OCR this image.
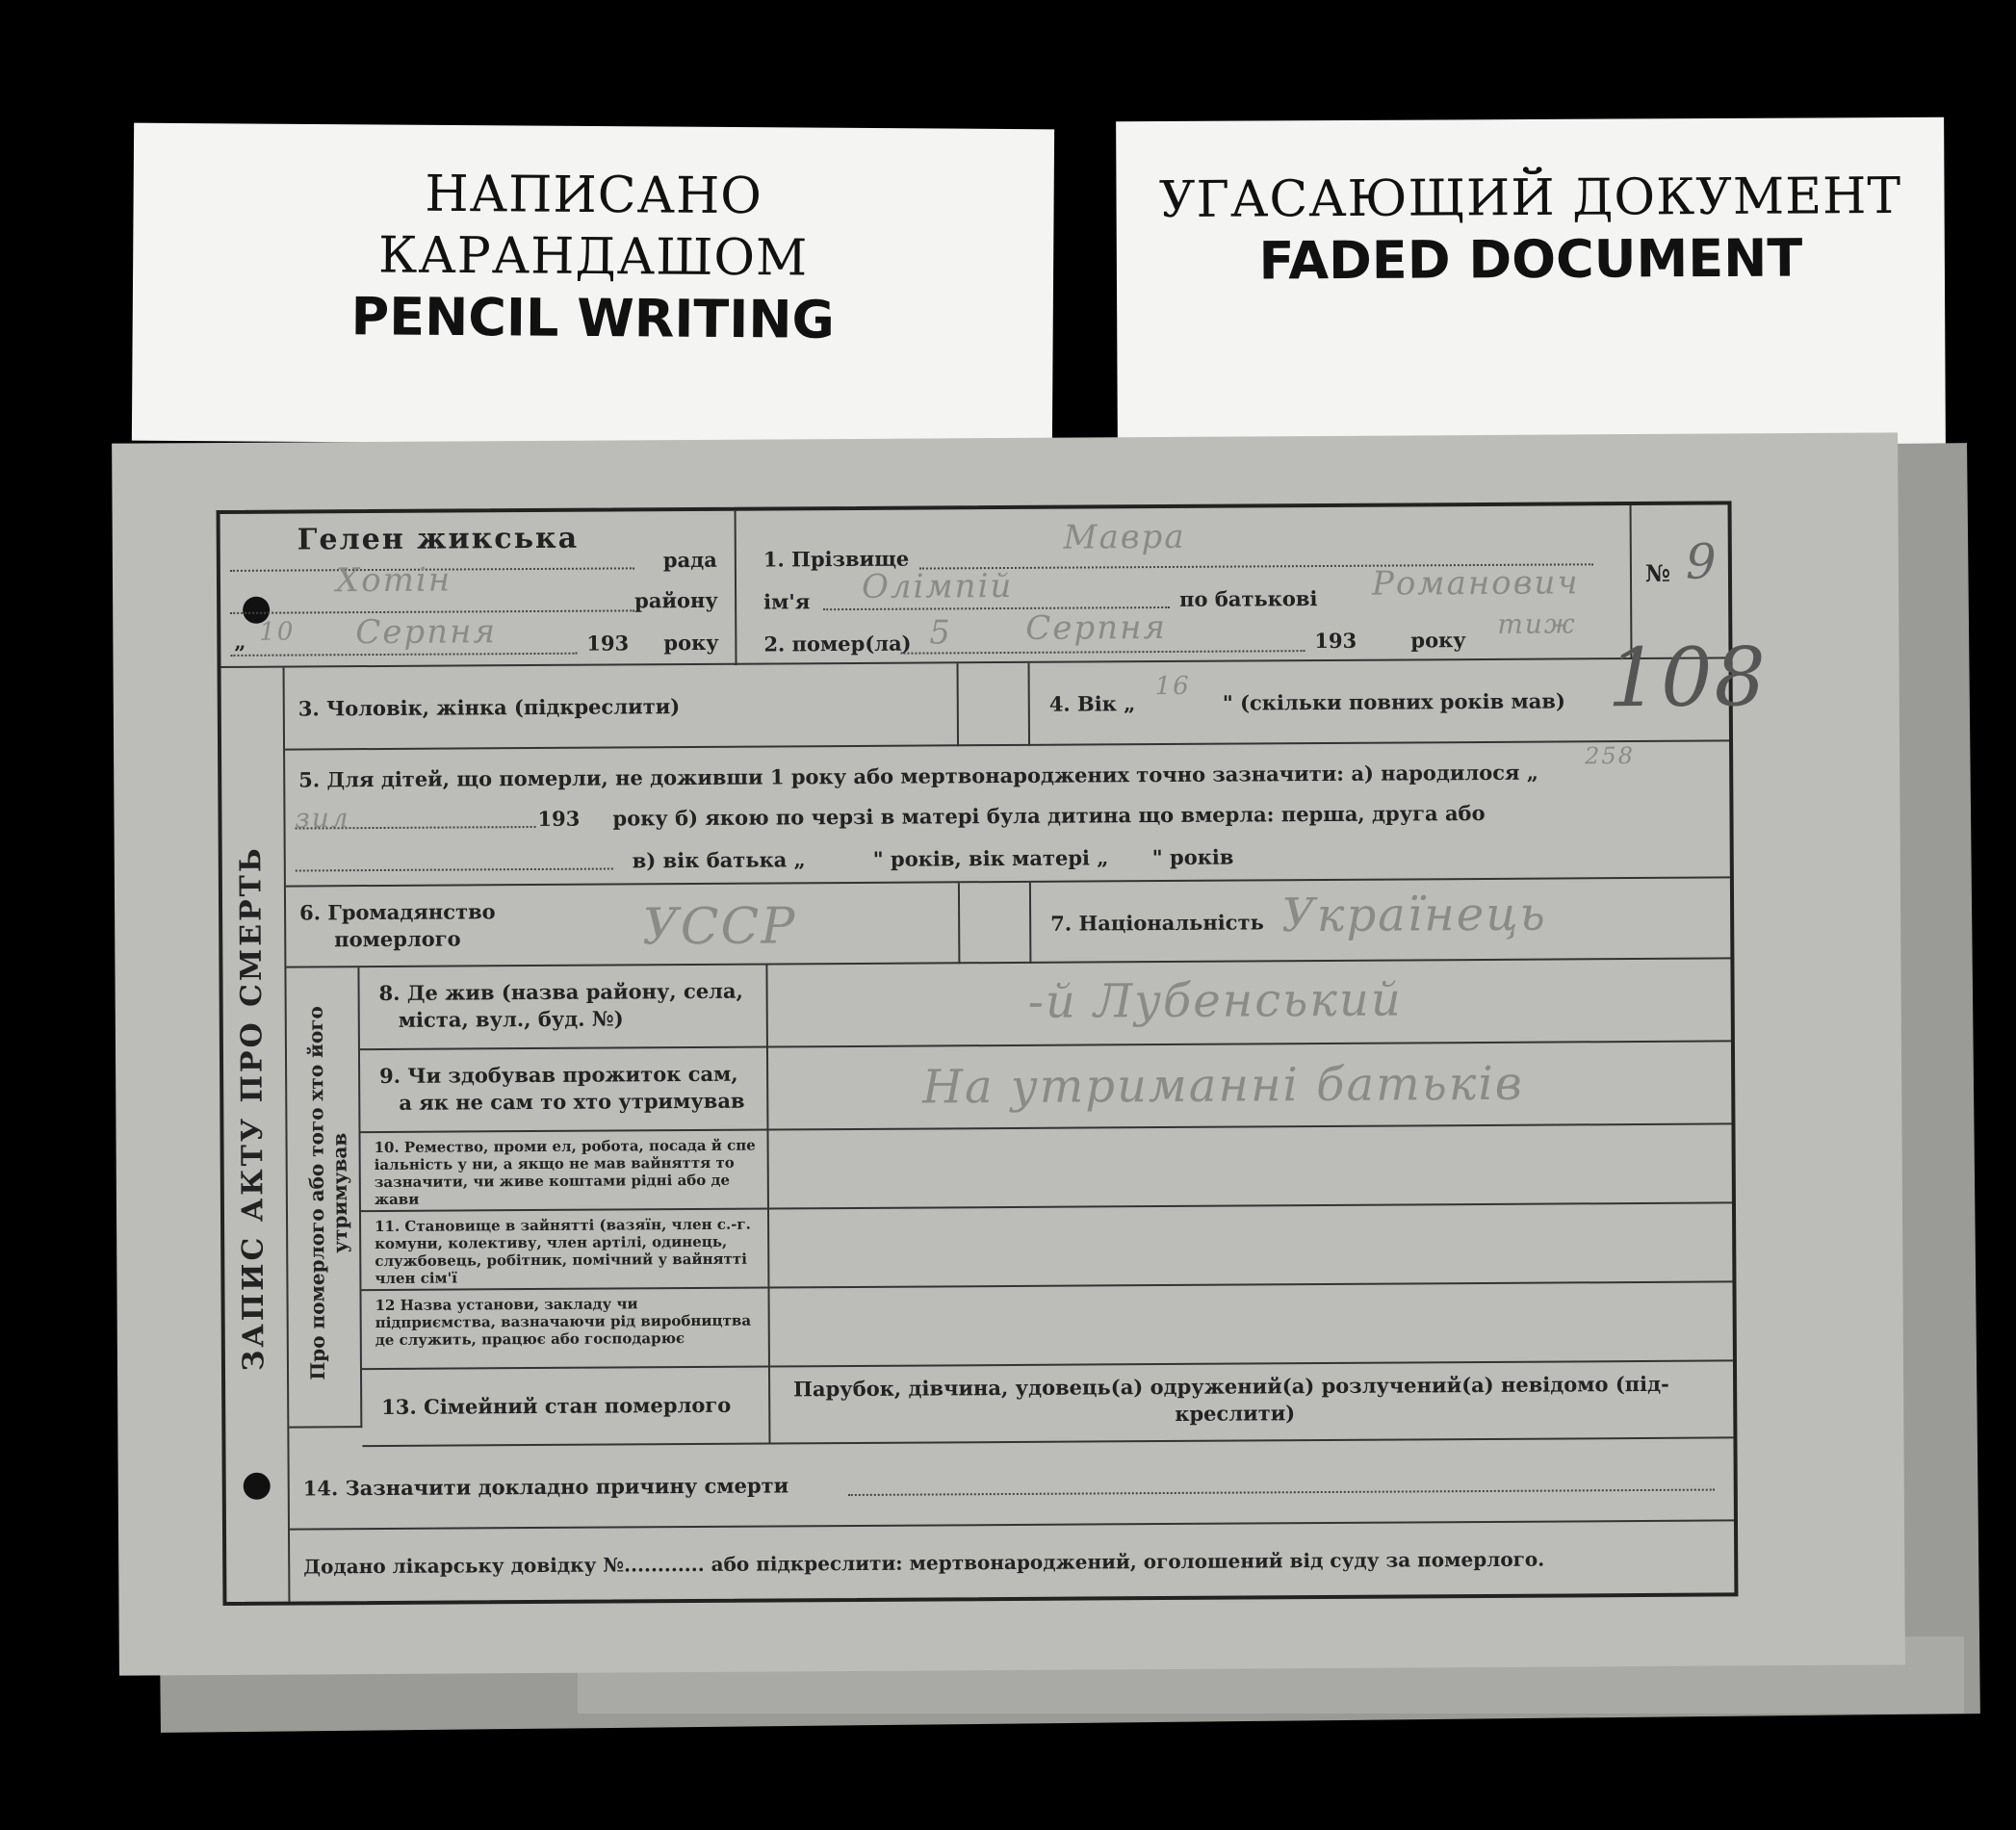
НАПИСАНО
КАРАНДАШОМ
PENCIL WRITING
УГАСАЮЩИЙ ДОКУМЕНТ
FADED DOCUMENT
Гелен жикська
рада
Хотін
району
„ 10 Серпня	193 року
1. Прізвище
Мавра
ім'я Олімпій	по батькові Романович
2. помер(ла) 5 Серпня	193	року тиж
№ 9
ЗАПИС АКТУ ПРО СМЕРТЬ
3. Чоловік, жінка (підкреслити)	4. Вік „
16
" (скільки повних років мав) 108
5. Для дітей, що померли, не доживши 1 року або мертвонароджених точно зазначити: а) народилося „
258
зил	193 року б) якою по черзі в матері була дитина що вмерла: перша, друга або
в) вік батька „	" років, вік матері „ " років
6. Громадянство
померлого	УССР	7. Національність Українець
Про померлого або того хто його утримував
8. Де жив (назва району, села,
міста, вул., буд. №)	-й Лубенський
9. Чи здобував прожиток сам,
а як не сам то хто утримував	На утриманні батьків
10. Ремество, проми ел, робота, посада й спе іальність у ни, а якщо не мав вайняття то зазначити, чи живе коштами рідні або де жави
11. Становище в зайнятті (вазяїн, член с.-г. комуни, колективу, член артілі, одинець, службовець, робітник, помічний у вайнятті член сім'ї
12 Назва установи, закладу чи підприємства, вазначаючи рід виробництва де служить, працює або господарює
13. Сімейний стан померлого
Парубок, дівчина, удовець(а) одружений(а) розлучений(а) невідомо (під-
креслити)
14. Зазначити докладно причину смерти
Додано лікарську довідку №............ або підкреслити: мертвонароджений, оголошений від суду за померлого.
